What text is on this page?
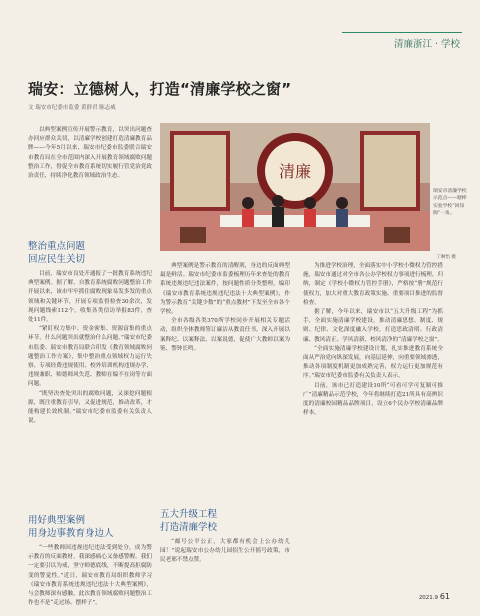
清廉浙江 · 学校
瑞安：立德树人，打造“清廉学校之窗”
文 瑞安市纪委市监委 黄群君 陈志威
清廉
瑞安市清廉学校示范点——塘桦实验学校“回知阁”一角。
丁琳怡 摄

以典型案例宣传开展警示教育，以突出问题查办回应群众关切，以清廉学校创建打造清廉教育品牌——今年5月以来，瑞安市纪委市监委联合瑞安市教育局在全市范围内深入开展教育领域腐败问题整治工作，督促全市教育系统切实履行管党治党政治责任，持续净化教育领域政治生态。

整治重点问题
回应民生关切

目前，瑞安市良处开通报了一批教育系统违纪典型案例。据了解，自教育系统腐败问题整治工作开展以来，该市牢牢抓住腐败现象易发多发的重点领域和关键环节，开展专项监督检查30余次，发现问题线索112个，收集各类信访举报83件，查处11件。

“紧盯权力集中、资金密集、资源富集的重点环节，什么问题突出就整治什么问题。”瑞安市纪委市监委、瑞安市教育局联合印发《教育领域腐败问题整治工作方案》，集中整治重点领域权力运行失察、专项经费违规使用、校外培训机构违规办学、违规兼职、师德师风失范、教师在编不在岗等方面问题。

“既坚决查处突出的腐败问题，又深挖问题根源，既注重教育引导，又促进规范，推动改革，才能构建长效机制。”瑞安市纪委市监委有关负责人说。

用好典型案例
用身边事教育身边人

“一些教师因违规违纪违法受到处分，成为警示教育的反面教材，我深感痛心又备感警醒。我们一定要引以为戒，坚守师德底线，不断提高拒腐防变的警觉性。”近日，瑞安市教育局组织教师学习《瑞安市教育系统违规违纪违法十大典型案例》，与会教师深有感触。此次教育领域腐败问题整治工作也不是“走过场、摆样子”。

典型案例是警示教育的清醒剂，身边的反面典型最是鲜活。瑞安市纪委市监委梳理历年来查处的教育系统违规违纪违法案件，按问题性质分类整理，编印《瑞安市教育系统违规违纪违法十大典型案例》，作为警示教育“关键少数”的“重点教材”下发至全市各个学校。

全市各级各类370所学校同步开展相关专题活动，组织全体教师签订廉洁从教责任书，深入开展以案释纪、以案释法、以案说德，促使广大教师以案为鉴、警钟长鸣。

五大升级工程
打造清廉学校

“邮号公平公正，大家都有机会上公办幼儿园！”说起瑞安市公办幼儿园招生公开摇号政策，市民老邢不禁点赞。

为推进学校治理，全面落实中小学校小微权力管控措施，瑞安市通过对全市各公办学校权力事项进行梳理、归纳，制定《学校小微权力管控手册》，严格按“册”规范行使权力，加大对重大教育政策实施、重要项目推进的监督检查。

据了解，今年以来，瑞安市以“五大升级工程”为抓手，全面实施清廉学校建设，推动清廉思想、制度、规则、纪律、文化深度融入学校，打造思政清明、行政清廉、教风清正、学风清新、校风清净的“清廉学校之窗”。

“全面实施清廉学校建设计划，扎实推进教育系统全面从严治党向纵深发展，向基层延伸，向重要领域渗透，推动各项制度机制更加成熟完善，权力运行更加规范有序。”瑞安市纪委市监委有关负责人表示。

目前，该市已打造建设10所“可看可学可复制可推广”清廉精品示范学校，今年将继续打造21所具有高辨识度的清廉校园精品品牌项目，设立6个民办学校清廉品牌样本。

2021.9 61
